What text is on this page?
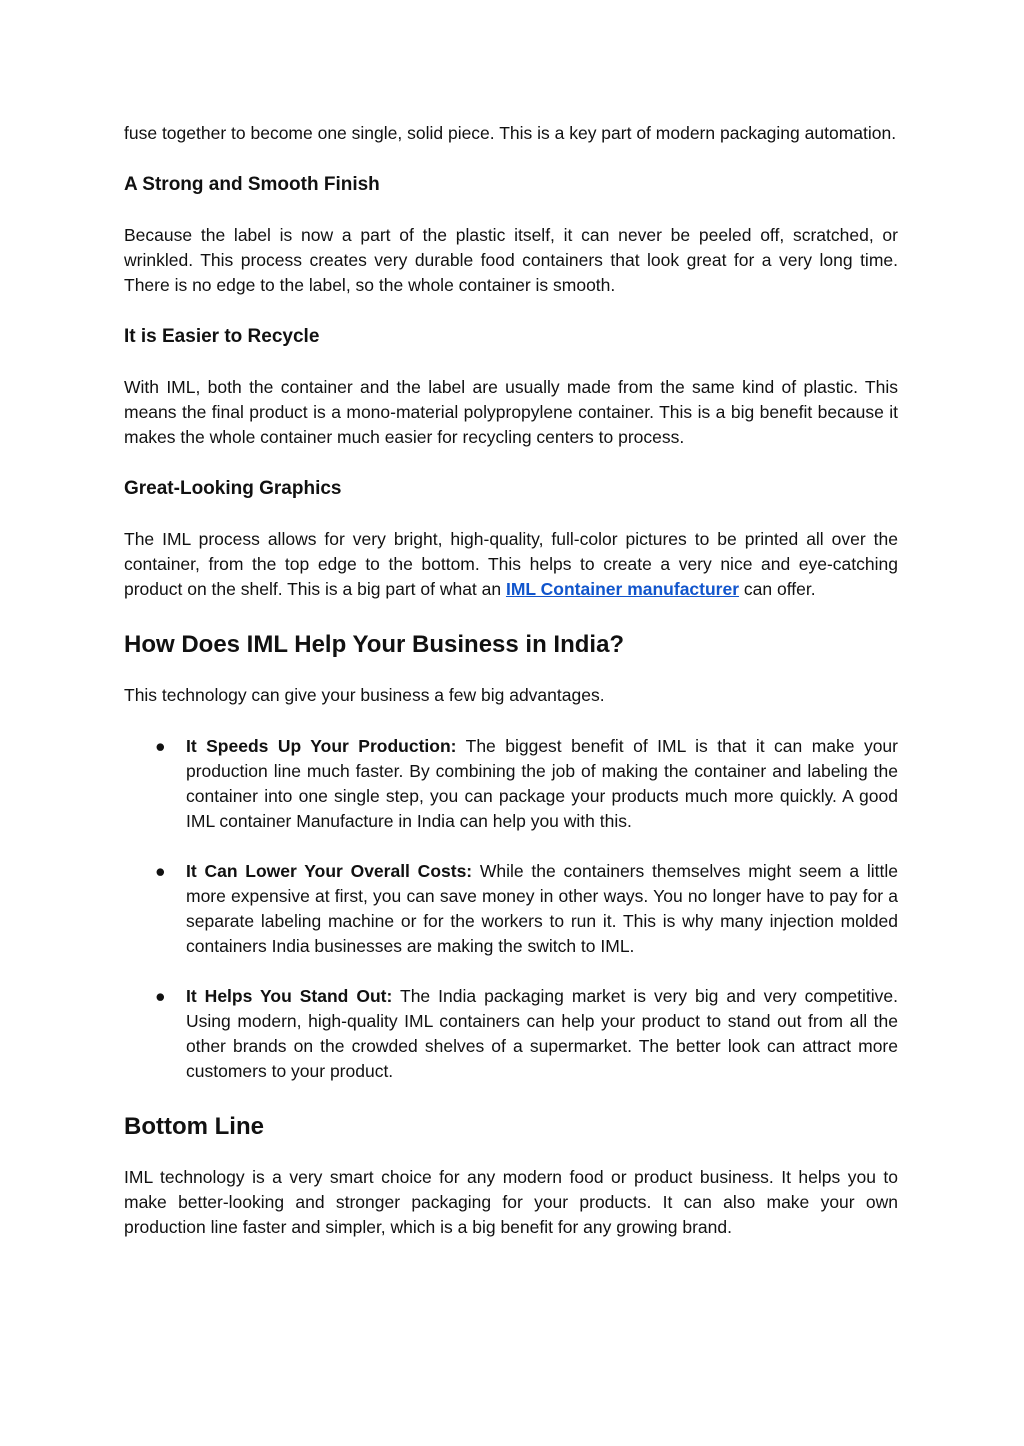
fuse together to become one single, solid piece. This is a key part of modern packaging automation.

A Strong and Smooth Finish

Because the label is now a part of the plastic itself, it can never be peeled off, scratched, or wrinkled. This process creates very durable food containers that look great for a very long time. There is no edge to the label, so the whole container is smooth.

It is Easier to Recycle

With IML, both the container and the label are usually made from the same kind of plastic. This means the final product is a mono-material polypropylene container. This is a big benefit because it makes the whole container much easier for recycling centers to process.

Great-Looking Graphics

The IML process allows for very bright, high-quality, full-color pictures to be printed all over the container, from the top edge to the bottom. This helps to create a very nice and eye-catching product on the shelf. This is a big part of what an IML Container manufacturer can offer.

How Does IML Help Your Business in India?

This technology can give your business a few big advantages.

● It Speeds Up Your Production: The biggest benefit of IML is that it can make your production line much faster. By combining the job of making the container and labeling the container into one single step, you can package your products much more quickly. A good IML container Manufacture in India can help you with this.
● It Can Lower Your Overall Costs: While the containers themselves might seem a little more expensive at first, you can save money in other ways. You no longer have to pay for a separate labeling machine or for the workers to run it. This is why many injection molded containers India businesses are making the switch to IML.
● It Helps You Stand Out: The India packaging market is very big and very competitive. Using modern, high-quality IML containers can help your product to stand out from all the other brands on the crowded shelves of a supermarket. The better look can attract more customers to your product.
Bottom Line

IML technology is a very smart choice for any modern food or product business. It helps you to make better-looking and stronger packaging for your products. It can also make your own production line faster and simpler, which is a big benefit for any growing brand.
